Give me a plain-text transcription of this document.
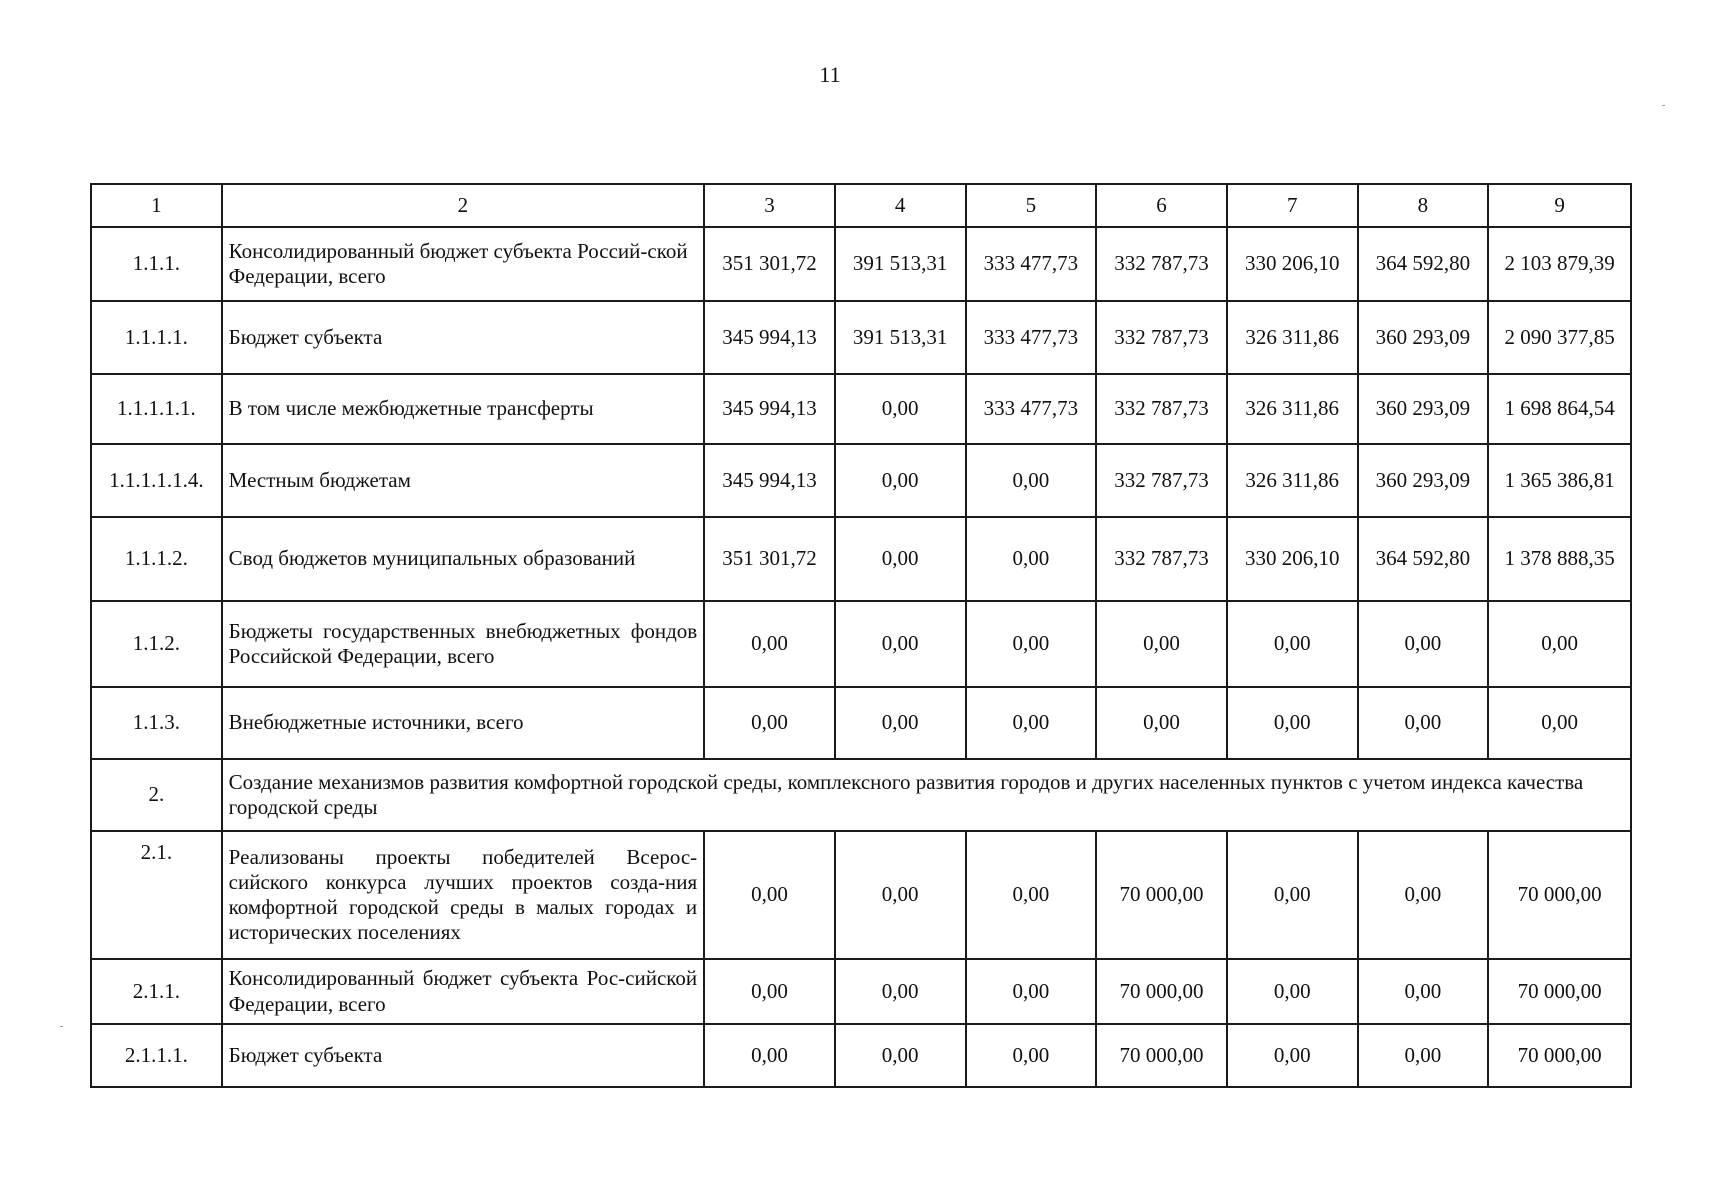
11
1	2	3	4	5	6	7	8	9
1.1.1.	Консолидированный бюджет субъекта Россий-ской Федерации, всего	351 301,72	391 513,31	333 477,73	332 787,73	330 206,10	364 592,80	2 103 879,39
1.1.1.1.	Бюджет субъекта	345 994,13	391 513,31	333 477,73	332 787,73	326 311,86	360 293,09	2 090 377,85
1.1.1.1.1.	В том числе межбюджетные трансферты	345 994,13	0,00	333 477,73	332 787,73	326 311,86	360 293,09	1 698 864,54
1.1.1.1.1.4.	Местным бюджетам	345 994,13	0,00	0,00	332 787,73	326 311,86	360 293,09	1 365 386,81
1.1.1.2.	Свод бюджетов муниципальных образований	351 301,72	0,00	0,00	332 787,73	330 206,10	364 592,80	1 378 888,35
1.1.2.	Бюджеты государственных внебюджетных фондов Российской Федерации, всего	0,00	0,00	0,00	0,00	0,00	0,00	0,00
1.1.3.	Внебюджетные источники, всего	0,00	0,00	0,00	0,00	0,00	0,00	0,00
2.	Создание механизмов развития комфортной городской среды, комплексного развития городов и других населенных пунктов с учетом индекса качества городской среды							
2.1.	Реализованы проекты победителей Всерос-сийского конкурса лучших проектов созда-ния комфортной городской среды в малых городах и исторических поселениях	0,00	0,00	0,00	70 000,00	0,00	0,00	70 000,00
2.1.1.	Консолидированный бюджет субъекта Рос-сийской Федерации, всего	0,00	0,00	0,00	70 000,00	0,00	0,00	70 000,00
2.1.1.1.	Бюджет субъекта	0,00	0,00	0,00	70 000,00	0,00	0,00	70 000,00
